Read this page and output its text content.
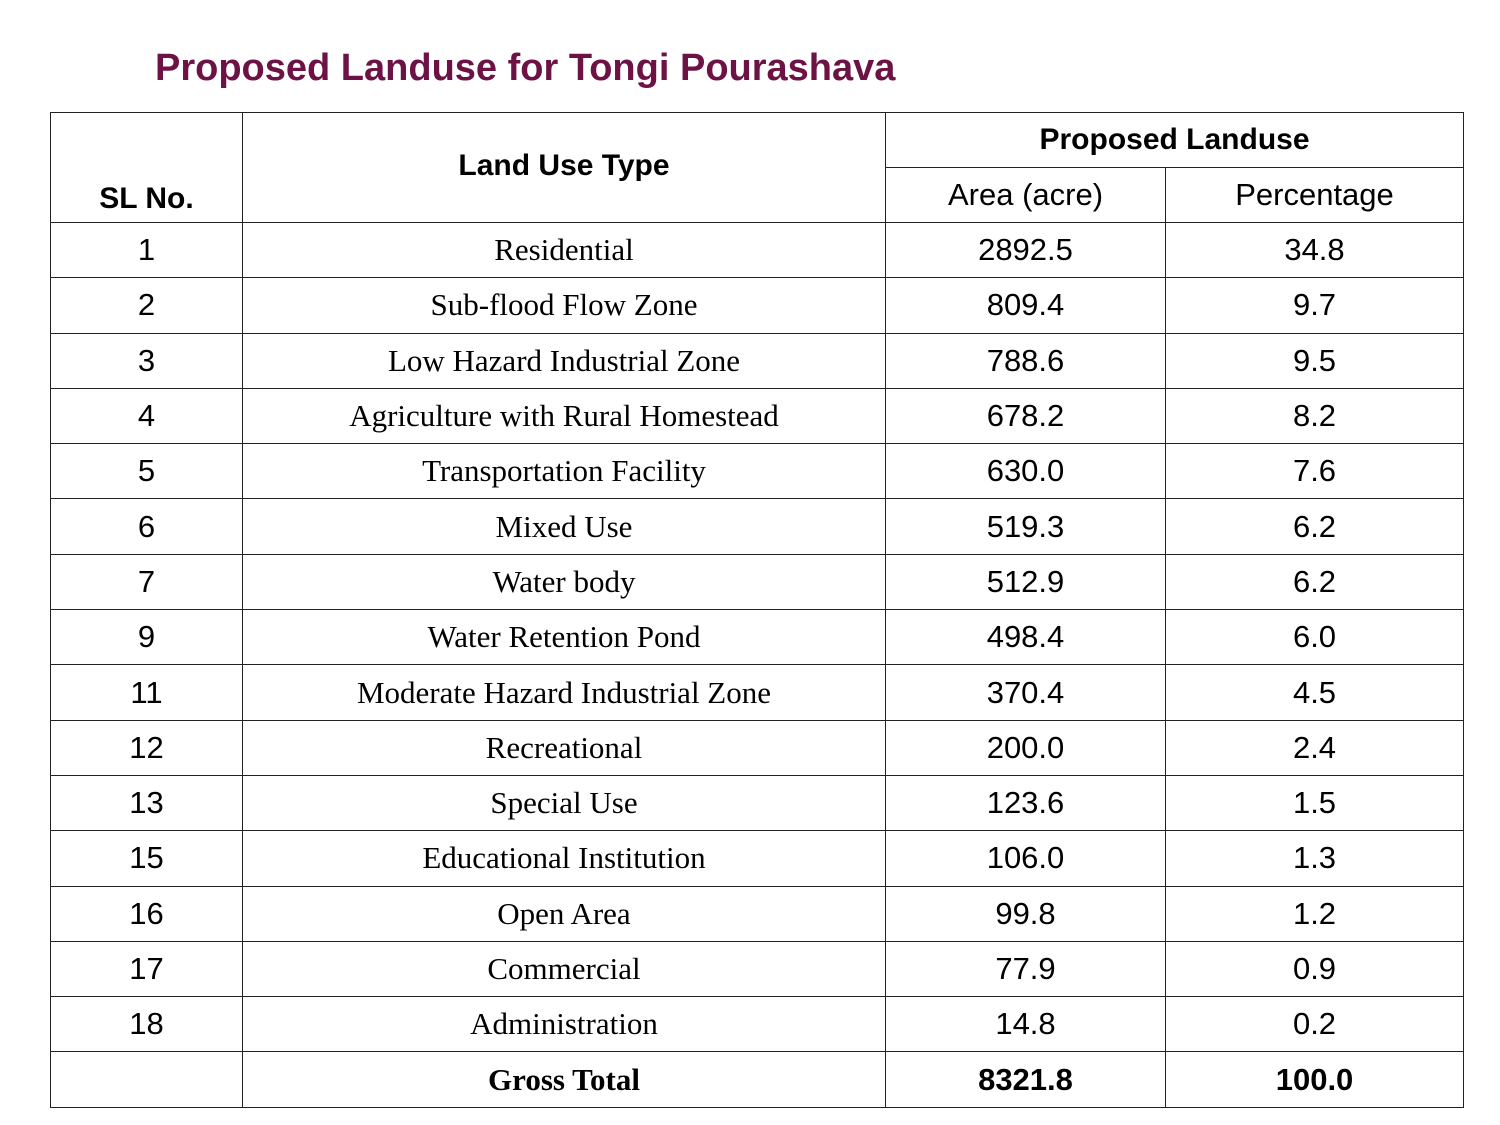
Proposed Landuse for Tongi Pourashava
SL No.	Land Use Type	Proposed Landuse	
		Area (acre)	Percentage
1	Residential	2892.5	34.8
2	Sub-flood Flow Zone	809.4	9.7
3	Low Hazard Industrial Zone	788.6	9.5
4	Agriculture with Rural Homestead	678.2	8.2
5	Transportation Facility	630.0	7.6
6	Mixed Use	519.3	6.2
7	Water body	512.9	6.2
9	Water Retention Pond	498.4	6.0
11	Moderate Hazard Industrial Zone	370.4	4.5
12	Recreational	200.0	2.4
13	Special Use	123.6	1.5
15	Educational Institution	106.0	1.3
16	Open Area	99.8	1.2
17	Commercial	77.9	0.9
18	Administration	14.8	0.2
	Gross Total	8321.8	100.0
